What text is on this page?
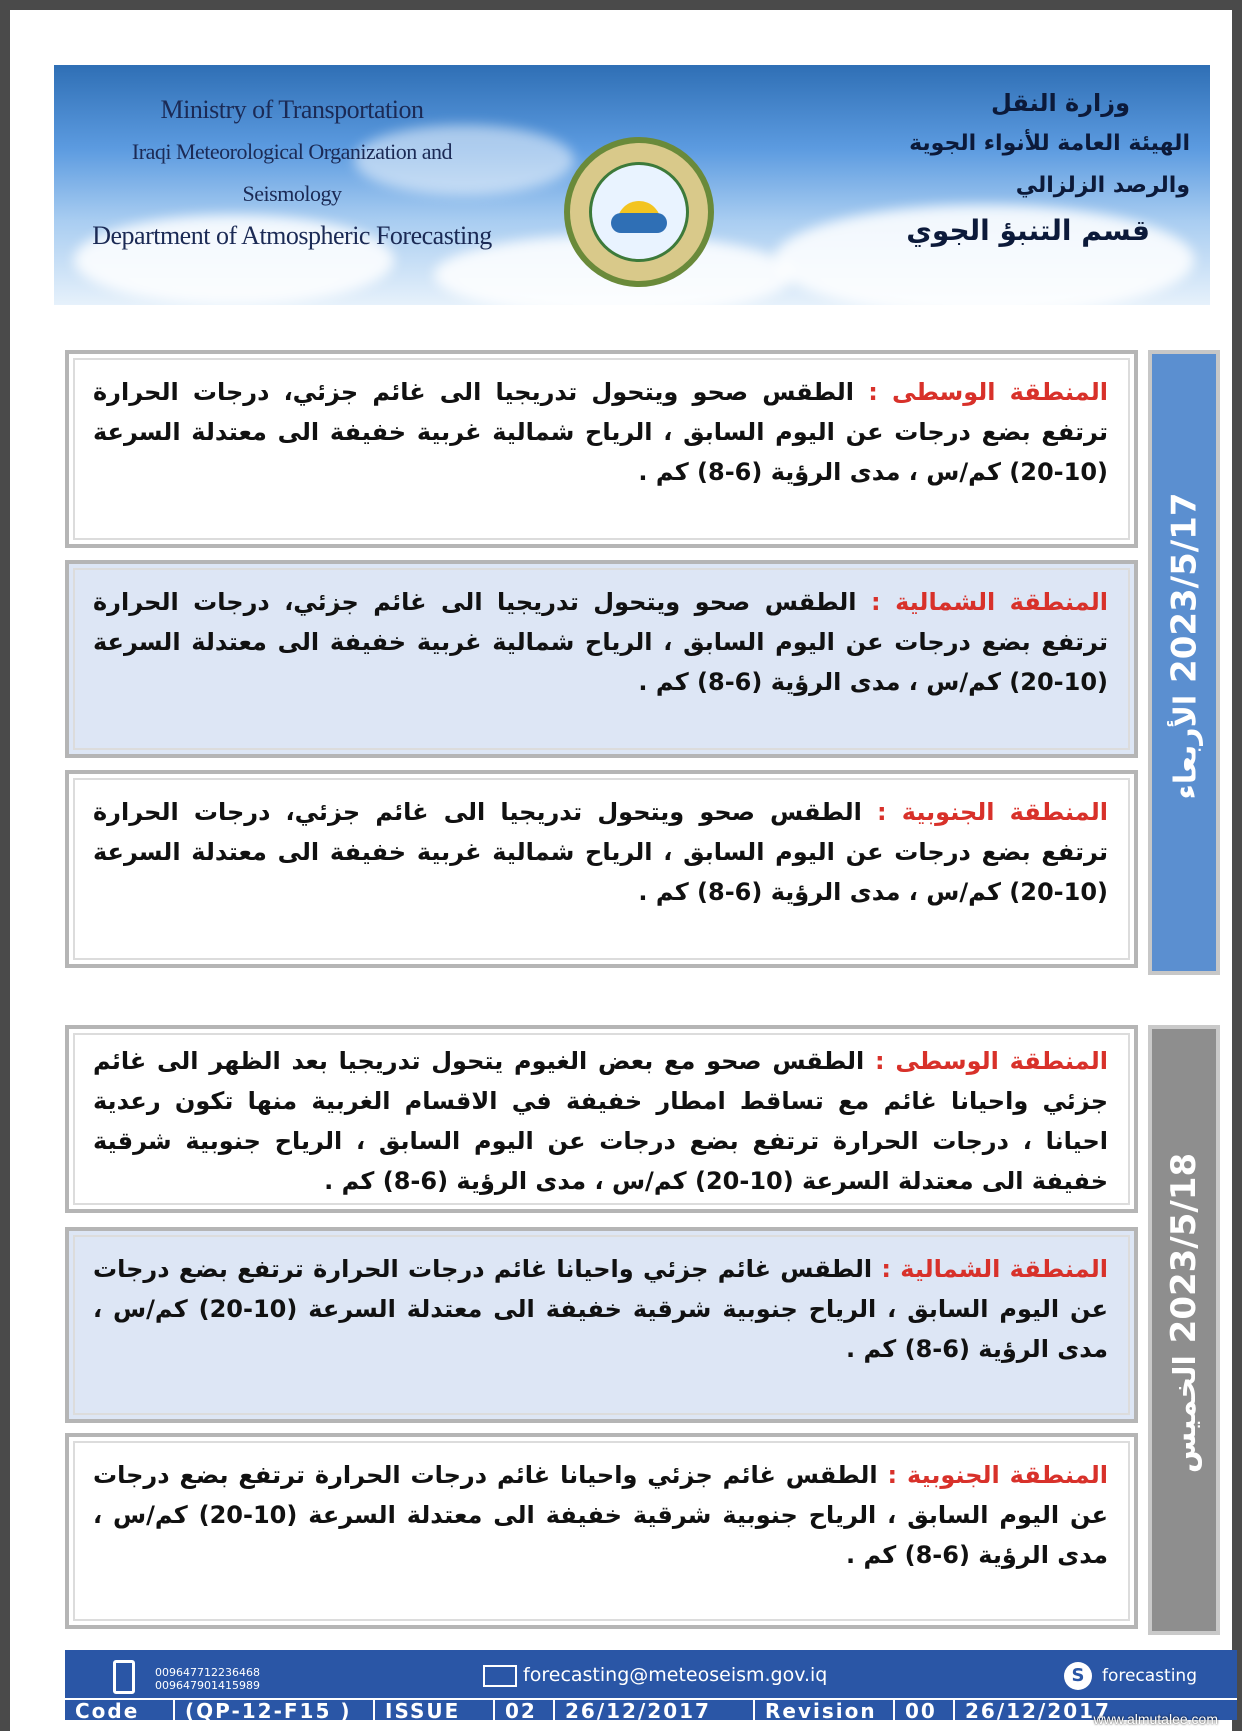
Ministry of Transportation
Iraqi Meteorological Organization and Seismology
Department of Atmospheric Forecasting
وزارة النقل
الهيئة العامة للأنواء الجوية والرصد الزلزالي
قسم التنبؤ الجوي
المنطقة الوسطى : الطقس صحو ويتحول تدريجيا الى غائم جزئي، درجات الحرارة ترتفع بضع درجات عن اليوم السابق ، الرياح شمالية غربية خفيفة الى معتدلة السرعة (10-20) كم/س ، مدى الرؤية (6-8) كم .
المنطقة الشمالية : الطقس صحو ويتحول تدريجيا الى غائم جزئي، درجات الحرارة ترتفع بضع درجات عن اليوم السابق ، الرياح شمالية غربية خفيفة الى معتدلة السرعة (10-20) كم/س ، مدى الرؤية (6-8) كم .
المنطقة الجنوبية : الطقس صحو ويتحول تدريجيا الى غائم جزئي، درجات الحرارة ترتفع بضع درجات عن اليوم السابق ، الرياح شمالية غربية خفيفة الى معتدلة السرعة (10-20) كم/س ، مدى الرؤية (6-8) كم .
2023/5/17 الأربعاء
المنطقة الوسطى : الطقس صحو مع بعض الغيوم يتحول تدريجيا بعد الظهر الى غائم جزئي واحيانا غائم مع تساقط امطار خفيفة في الاقسام الغربية منها تكون رعدية احيانا ، درجات الحرارة ترتفع بضع درجات عن اليوم السابق ، الرياح جنوبية شرقية خفيفة الى معتدلة السرعة (10-20) كم/س ، مدى الرؤية (6-8) كم .
المنطقة الشمالية : الطقس غائم جزئي واحيانا غائم درجات الحرارة ترتفع بضع درجات عن اليوم السابق ، الرياح جنوبية شرقية خفيفة الى معتدلة السرعة (10-20) كم/س ، مدى الرؤية (6-8) كم .
المنطقة الجنوبية : الطقس غائم جزئي واحيانا غائم درجات الحرارة ترتفع بضع درجات عن اليوم السابق ، الرياح جنوبية شرقية خفيفة الى معتدلة السرعة (10-20) كم/س ، مدى الرؤية (6-8) كم .
2023/5/18 الخميس
009647712236468
009647901415989	forecasting@meteoseism.gov.iq	S forecasting
Code	(QP-12-F15 )	ISSUE	02	26/12/2017	Revision	00	26/12/2017
www.almutalee.com
